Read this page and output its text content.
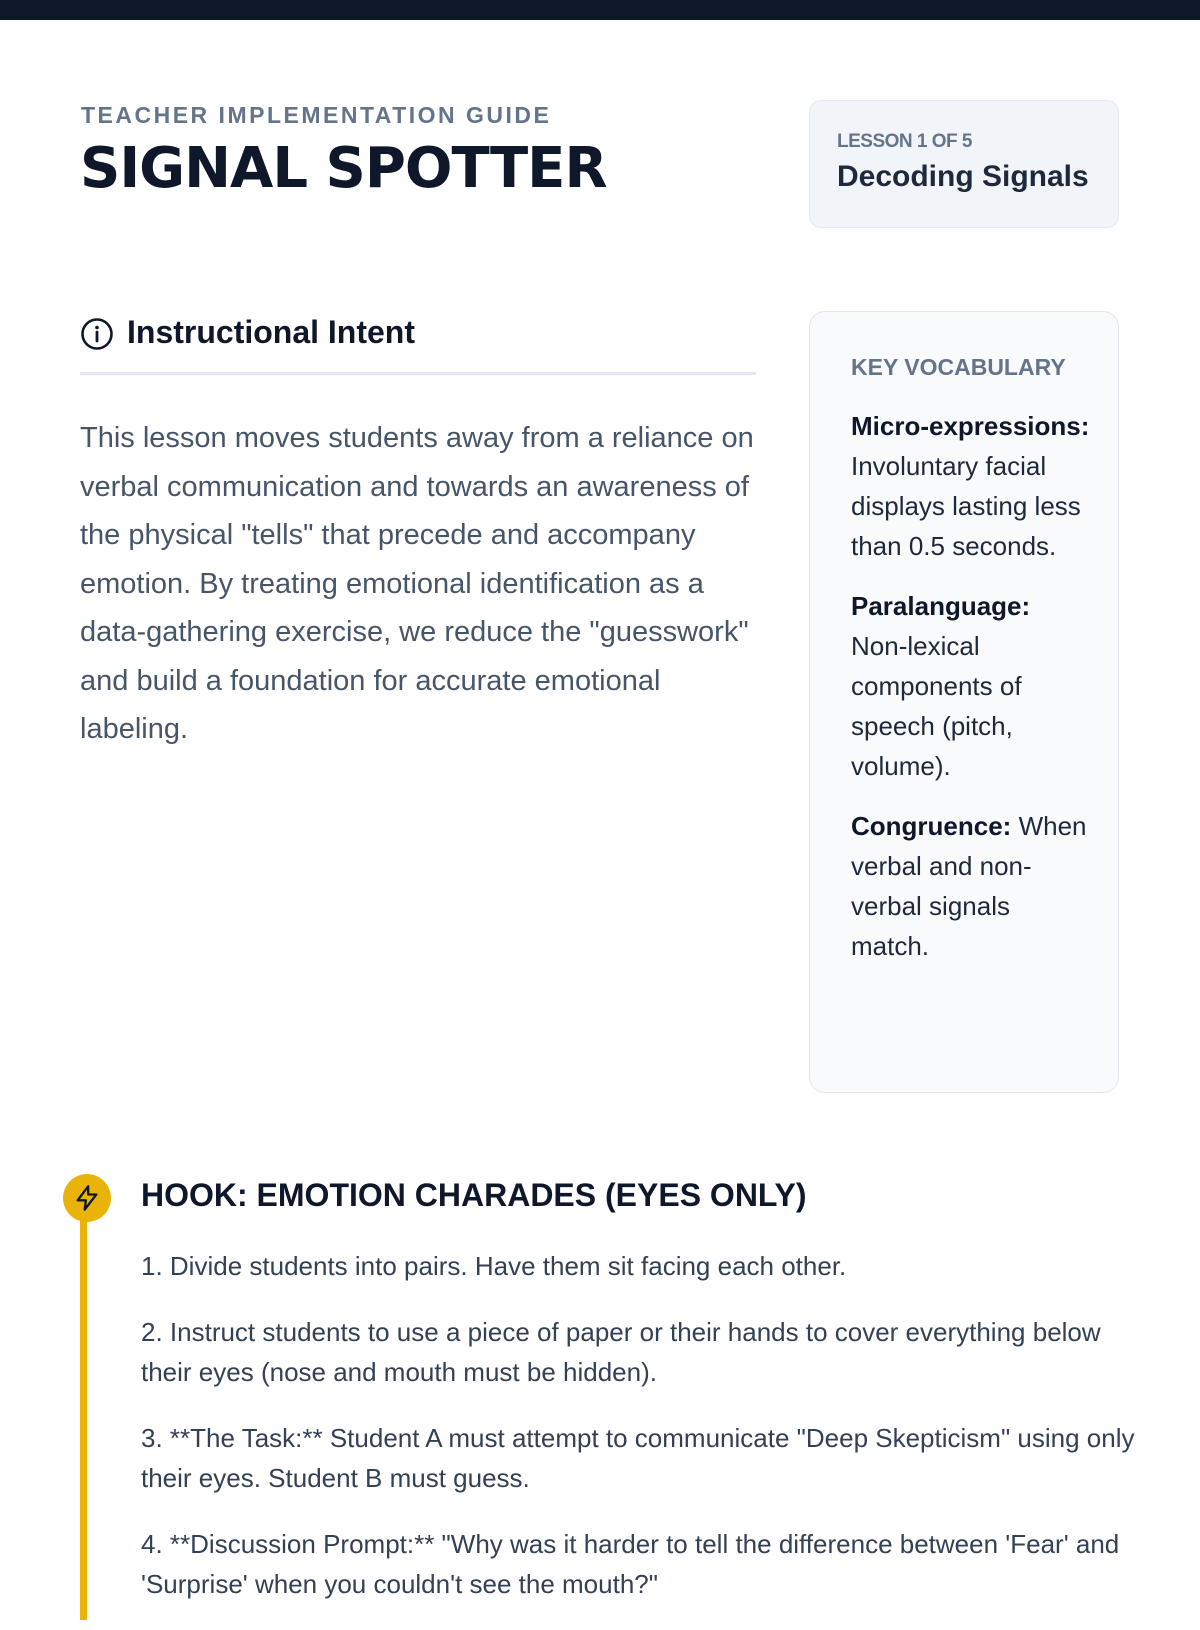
TEACHER IMPLEMENTATION GUIDE
SIGNAL SPOTTER	LESSON 1 OF 5
Decoding Signals
Instructional Intent

This lesson moves students away from a reliance on verbal communication and towards an awareness of the physical "tells" that precede and accompany emotion. By treating emotional identification as a data-gathering exercise, we reduce the "guesswork" and build a foundation for accurate emotional labeling.

KEY VOCABULARY
Micro-expressions: Involuntary facial displays lasting less than 0.5 seconds.
Paralanguage: Non-lexical components of speech (pitch, volume).
Congruence: When verbal and non-verbal signals match.
HOOK: EMOTION CHARADES (EYES ONLY)

1. Divide students into pairs. Have them sit facing each other.

2. Instruct students to use a piece of paper or their hands to cover everything below their eyes (nose and mouth must be hidden).

3. **The Task:** Student A must attempt to communicate "Deep Skepticism" using only their eyes. Student B must guess.

4. **Discussion Prompt:** "Why was it harder to tell the difference between 'Fear' and 'Surprise' when you couldn't see the mouth?"
